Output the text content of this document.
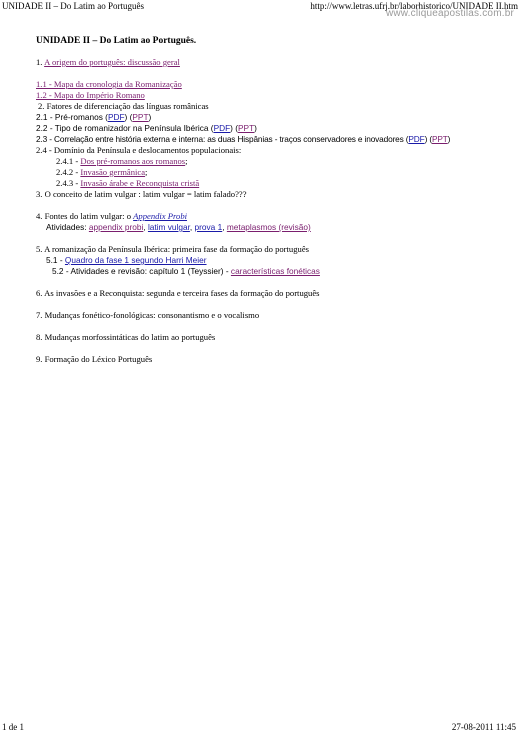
UNIDADE II – Do Latim ao Português	http://www.letras.ufrj.br/laborhistorico/UNIDADE II.htm
www.cliqueapostilas.com.br
UNIDADE II – Do Latim ao Português.
1. A origem do português: discussão geral
1.1 - Mapa da cronologia da Romanização
1.2 - Mapa do Império Romano
2. Fatores de diferenciação das línguas românicas
2.1 - Pré-romanos (PDF) (PPT)
2.2 - Tipo de romanizador na Península Ibérica (PDF) (PPT)
2.3 - Correlação entre história externa e interna: as duas Hispânias - traços conservadores e inovadores (PDF) (PPT)
2.4 - Domínio da Península e deslocamentos populacionais:
2.4.1 - Dos pré-romanos aos romanos;
2.4.2 - Invasão germânica;
2.4.3 - Invasão árabe e Reconquista cristã
3. O conceito de latim vulgar : latim vulgar = latim falado???
4. Fontes do latim vulgar: o Appendix Probi
Atividades: appendix probi, latim vulgar, prova 1, metaplasmos (revisão)
5. A romanização da Península Ibérica: primeira fase da formação do português
5.1 - Quadro da fase 1 segundo Harri Meier
5.2 - Atividades e revisão: capítulo 1 (Teyssier) - características fonéticas
6. As invasões e a Reconquista: segunda e terceira fases da formação do português
7. Mudanças fonético-fonológicas: consonantismo e o vocalismo
8. Mudanças morfossintáticas do latim ao português
9. Formação do Léxico Português
1 de 1	27-08-2011 11:45
